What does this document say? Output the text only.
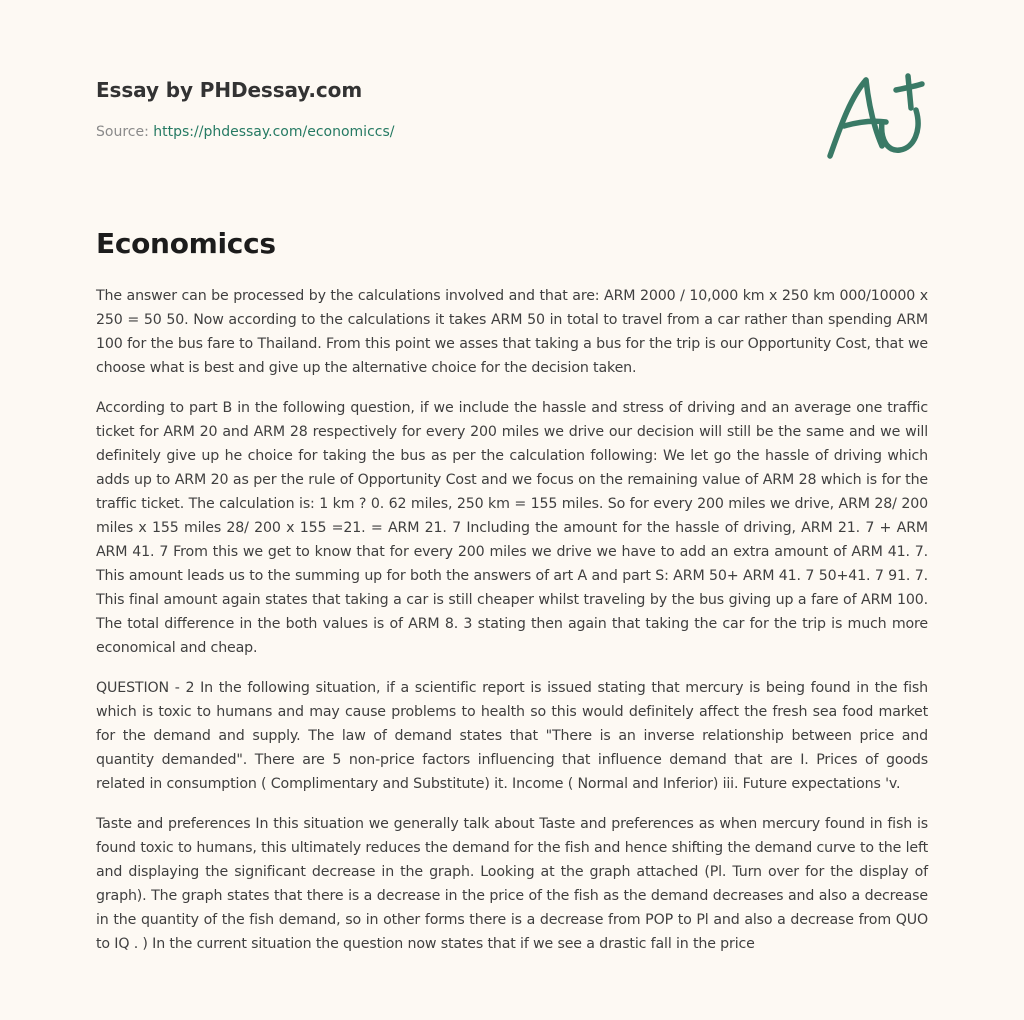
Essay by PHDessay.com
Source: https://phdessay.com/economiccs/
Economiccs

The answer can be processed by the calculations involved and that are: ARM 2000 / 10,000 km x 250 km 000/10000 x 250 = 50 50. Now according to the calculations it takes ARM 50 in total to travel from a car rather than spending ARM 100 for the bus fare to Thailand. From this point we asses that taking a bus for the trip is our Opportunity Cost, that we choose what is best and give up the alternative choice for the decision taken.

According to part B in the following question, if we include the hassle and stress of driving and an average one traffic ticket for ARM 20 and ARM 28 respectively for every 200 miles we drive our decision will still be the same and we will definitely give up he choice for taking the bus as per the calculation following: We let go the hassle of driving which adds up to ARM 20 as per the rule of Opportunity Cost and we focus on the remaining value of ARM 28 which is for the traffic ticket. The calculation is: 1 km ? 0. 62 miles, 250 km = 155 miles. So for every 200 miles we drive, ARM 28/ 200 miles x 155 miles 28/ 200 x 155 =21. = ARM 21. 7 Including the amount for the hassle of driving, ARM 21. 7 + ARM ARM 41. 7 From this we get to know that for every 200 miles we drive we have to add an extra amount of ARM 41. 7. This amount leads us to the summing up for both the answers of art A and part S: ARM 50+ ARM 41. 7 50+41. 7 91. 7. This final amount again states that taking a car is still cheaper whilst traveling by the bus giving up a fare of ARM 100. The total difference in the both values is of ARM 8. 3 stating then again that taking the car for the trip is much more economical and cheap.

QUESTION - 2 In the following situation, if a scientific report is issued stating that mercury is being found in the fish which is toxic to humans and may cause problems to health so this would definitely affect the fresh sea food market for the demand and supply. The law of demand states that "There is an inverse relationship between price and quantity demanded". There are 5 non-price factors influencing that influence demand that are I. Prices of goods related in consumption ( Complimentary and Substitute) it. Income ( Normal and Inferior) iii. Future expectations 'v.

Taste and preferences In this situation we generally talk about Taste and preferences as when mercury found in fish is found toxic to humans, this ultimately reduces the demand for the fish and hence shifting the demand curve to the left and displaying the significant decrease in the graph. Looking at the graph attached (Pl. Turn over for the display of graph). The graph states that there is a decrease in the price of the fish as the demand decreases and also a decrease in the quantity of the fish demand, so in other forms there is a decrease from POP to Pl and also a decrease from QUO to IQ . ) In the current situation the question now states that if we see a drastic fall in the price
